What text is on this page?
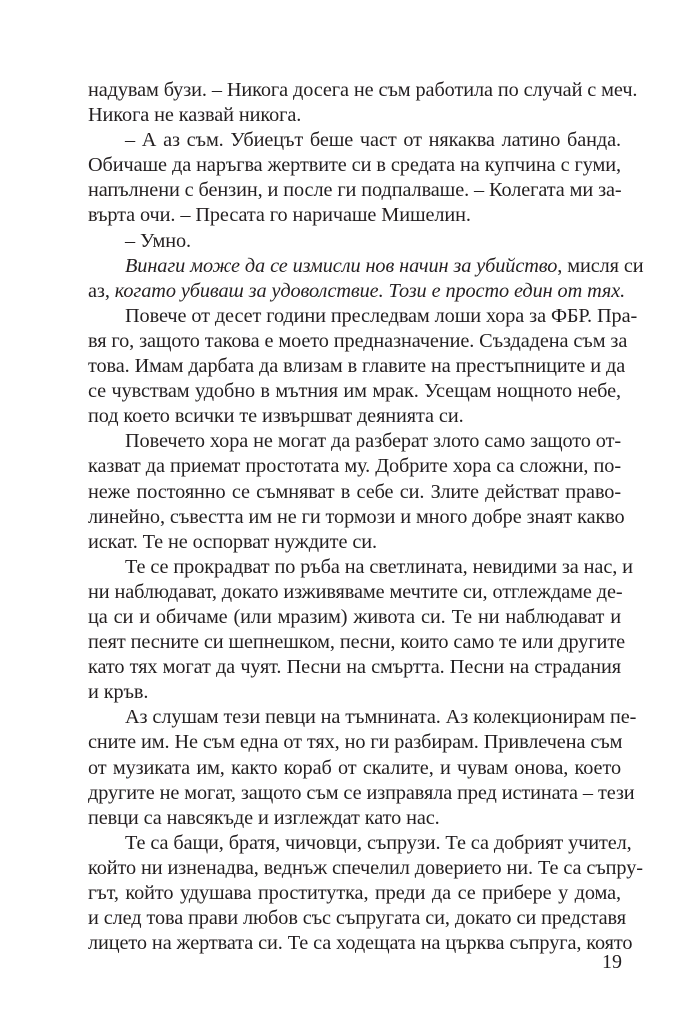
надувам бузи. – Никога досега не съм работила по случай с меч.
Никога не казвай никога.
– А аз съм. Убиецът беше част от някаква латино банда.
Обичаше да наръгва жертвите си в средата на купчина с гуми,
напълнени с бензин, и после ги подпалваше. – Колегата ми за-
върта очи. – Пресата го наричаше Мишелин.
– Умно.
Винаги може да се измисли нов начин за убийство, мисля си
аз, когато убиваш за удоволствие. Този е просто един от тях.
Повече от десет години преследвам лоши хора за ФБР. Пра-
вя го, защото такова е моето предназначение. Създадена съм за
това. Имам дарбата да влизам в главите на престъпниците и да
се чувствам удобно в мътния им мрак. Усещам нощното небе,
под което всички те извършват деянията си.
Повечето хора не могат да разберат злото само защото от-
казват да приемат простотата му. Добрите хора са сложни, по-
неже постоянно се съмняват в себе си. Злите действат право-
линейно, съвестта им не ги тормози и много добре знаят какво
искат. Те не оспорват нуждите си.
Те се прокрадват по ръба на светлината, невидими за нас, и
ни наблюдават, докато изживяваме мечтите си, отглеждаме де-
ца си и обичаме (или мразим) живота си. Те ни наблюдават и
пеят песните си шепнешком, песни, които само те или другите
като тях могат да чуят. Песни на смъртта. Песни на страдания
и кръв.
Аз слушам тези певци на тъмнината. Аз колекционирам пе-
сните им. Не съм една от тях, но ги разбирам. Привлечена съм
от музиката им, както кораб от скалите, и чувам онова, което
другите не могат, защото съм се изправяла пред истината – тези
певци са навсякъде и изглеждат като нас.
Те са бащи, братя, чичовци, съпрузи. Те са добрият учител,
който ни изненадва, веднъж спечелил доверието ни. Те са съпру-
гът, който удушава проститутка, преди да се прибере у дома,
и след това прави любов със съпругата си, докато си представя
лицето на жертвата си. Те са ходещата на църква съпруга, която
19
